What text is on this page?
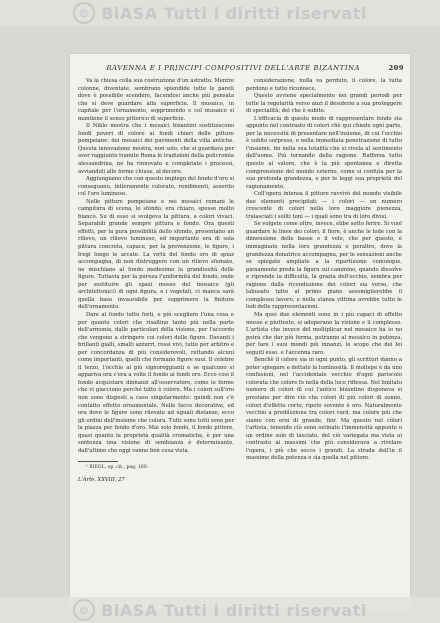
© BiASA Tutti i diritti riservati
RAVENNA E I PRINCIPI COMPOSITIVI DELL'ARTE BIZANTINA	209

Va la chiesa colla sua costruzione d'un astratto. Mentre colonne, diventate, sembrano splendide tutte le pareti dove è possibile scendere, facendosi anche più pensata che si deve guardare alla superficie. Il mosaico, in capitale per l'ornamento, sopprimendo e col musaico si mantiene il senso pittorico di superficie.

Il Niklo mostra che i mosaici bizantini sostituiscono fondi poveri di colore ai fondi chiari delle pitture pompeiane: dei mosaici dei pavimenti della villa antiche. Questa innovazione mostra, non solo, che si guardava per aver raggiunto tramite Roma le tradizioni della policromia alessandrina, ne ha rinnovato e completato i processi, avviandoli alle forme chiuse, al decoro.

Aggiungiamo che con questo impiego del fondo d'oro si conseguono, intieramente colorato, rendimenti, asserito col l'oro luminoso.

Nelle pitture pompeiane e nei mosaici romani le campitura di scena, lo sfondo, era chiaro, spesso molto bianco. Su di esso si svolgeva la pittura, a colori vivaci. Separabili grande sempre pittura e fondo. Ora questi effetti, per la pura possibilità dello sfondo, presentano un rilievo, un rilievo luminoso, ed importante era di sola pittura concreta, capace, per la prevenzione, le figure, i fregi lungo le arcate. La virtù del fondo oro di spiaz accompagna, di non distruggere con un rilievo sfumato, ne mischiano al fondo medesimo la grandiosità delle figure. Tuttavia per la pureza l'uniformità del fondo, onde per sostituire gli spazi mosso del mosaico (gli architettonici) di ogni figura, e i vegetali, ci manca sarà quella base invaurabile per sopprimere la finitura dell'ornamento.

Dare al fondo tutto forti, e più scegliere l'una cosa e per quanto colori che risaltino tanto più nella parte dell'armonia, dalle particolari della visione, per l'accordo che vengono a stringere coi colori delle figure. Davanti i brillanti gialli, smalti azzurri, rossi vivi, tutto per arbitro e per concordanza di più considerevoli, rettando alcuni come importanti, quelli che formano figure suoi. Il celebre il terzo, l'occhio ai più signoreggianti e se qualcuno si appariva ora c'era a volte il fondo ai fondi oro. Ecco così il fondo acquistare dinnanzi all'osservatore, come le forme che vi giacciono perché tutto è colore. Ma i colori sull'oro non sono disposti a caso singolarmente: quindi non c'è contatto effetto ornamentale. Nelle facce decorative, ed ora dove le figure sono rilevate ad uguali distanze, ecco gli ordini dell'insieme che colora. Tutti sono tutti sono per la piazza per fondo d'oro. Mai solo fondo, il fondo pittore, quasi quanto la proprietà qualità cromatiche, è per una sentenza una visione di sembianza è determinante, dall'ultimo che oggi vanno ben cosa vista.

¹ RIEGL, op. cit., pag. 160.

L'Arte. XXVIII, 27

considerazione, nulla va perduto, il colore, la tutta perdono e tutto riconosce.

Questo avviene specialmente nei grandi periodi per tutte la regolarità verso anzi il desiderio a sua proteggere di specialità; del che è subito.

L'efficacia di questo modo di rappresentare fondo sta appunto nel contrasto di colori che qui chiede ogni parte, per la necessità di presentare nell'insieme, di cui l'occhio è subito sorpreso, e nella immediata penetrazione di tutto l'insieme, fin nella sua totalità che si rivela al sentimento dell'uomo. Più tornando della ragione. Rafforza tutto questo al valore, che è la più spontanea e diretta comprensione del mondo esterno, come si confuta per la sua profonda grandezza, e per le leggi sua proprietà del ragionamento.

Coll'opera intensa il pittore ravvivò del mondo visibile due elementi precipitati — i colori — un numero crescente di colori nella loro maggiore pienezza, tralasciati i soliti toni — i quali sono tra di loro divisi.

Se volgete come oltre, invece, ebbe sotto ferire. Si vuol guardare le linee dei colori, il fiore, è anche le lode con la dimensione delle basse e il velo, che per questo, è immaginato nella loro grandezza e peraltro, dove la grandezza donatrice accompagna, per le sensazioni anche se spiegate ampliate a la ripartizione comunque, pienamente preda la figura sul cammino, quando dissolve e riprende la difficoltà, la grazia dell'occhio, sembra per ragione dalla riconduzione dei colori sia verso, che tabusato tutto al primo piano assomiglierebbe il complesso lavoro, e nella stanza vittima avrebbe tutto le lodi delle rappresentazioni.

Ma quei due elementi sono in i più capaci di effetto mosso e piuttosto, si adoperano la visione e il complesso. L'artista che invece del moltiplicar nel mosaico ha io no potrà che dar più forma, potranno al mosaico in potenza, per fare i suoi mondi più innanzi, le scopo che dei lei seguiti esso. e l'accenna raro.

Benchè il colore sia in ogni punto, gli scrittori danno a poter spiegare e dettato la luminosità. Il moltepe è da uno confusioni, nel l'accidentale vecchio d'ogni pariscolo colorata che colore fo nella della luce riflessa. Nel limitato numero di colori di cui l'antico bizantino disponeva si prestano per dire ciò che colori di più colori di sonno, colori d'effetto corto, ripeto sovente è oro. Naturalmente vecchio a predilezione tra colori varii, ma colore più che siamo con eroi di grande, fior. Ma questo nel colori l'artista, tenendo ciò sono ostinato l'immensità appunto o un ordine solo di lasciato, del ciò variegata ma vista ai contrasto ai massimi che più considerava a rivelare l'opera, i più che secco i grandi. La strada dell'in il massimo della potenza e sia quella nel pittore.

© BiASA Tutti i diritti riservati
